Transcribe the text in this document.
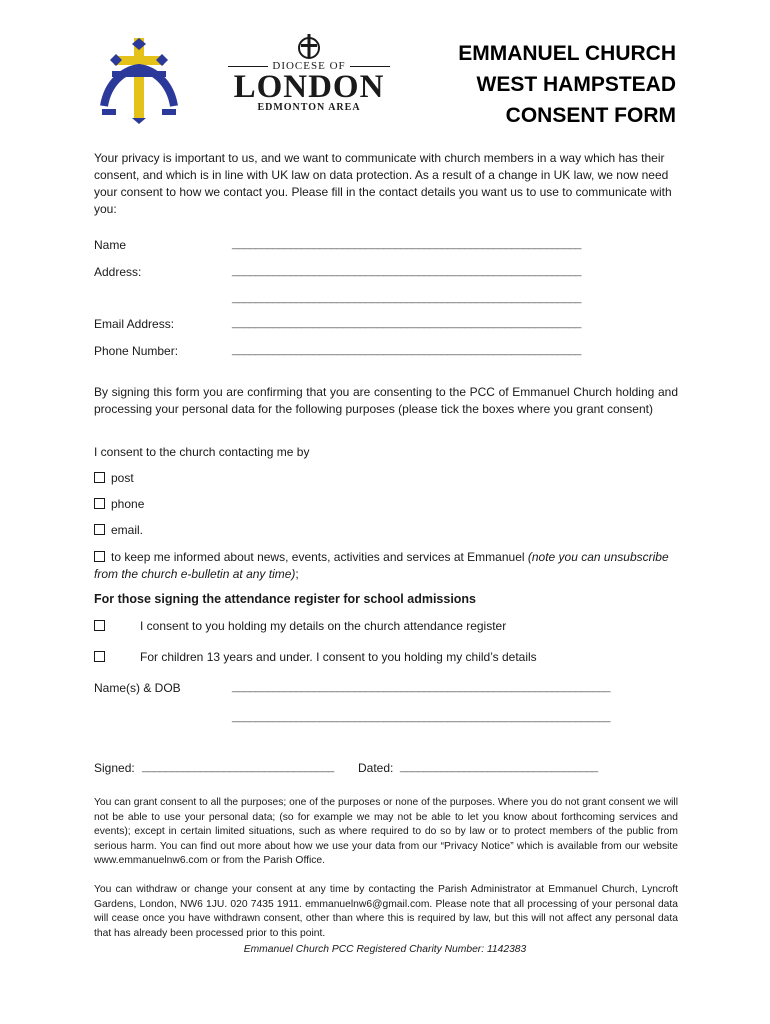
DIOCESE OF
LONDON
EDMONTON AREA
EMMANUEL CHURCH
WEST HAMPSTEAD
CONSENT FORM
Your privacy is important to us, and we want to communicate with church members in a way which has their consent, and which is in line with UK law on data protection. As a result of a change in UK law, we now need your consent to how we contact you. Please fill in the contact details you want us to use to communicate with you:
Name	____________________________________________________________
Address:	____________________________________________________________
____________________________________________________________
Email Address:	____________________________________________________________
Phone Number:	____________________________________________________________
By signing this form you are confirming that you are consenting to the PCC of Emmanuel Church holding and processing your personal data for the following purposes (please tick the boxes where you grant consent)
I consent to the church contacting me by
post
phone
email.
to keep me informed about news, events, activities and services at Emmanuel (note you can unsubscribe from the church e-bulletin at any time);
For those signing the attendance register for school admissions
I consent to you holding my details on the church attendance register
For children 13 years and under. I consent to you holding my child’s details
Name(s) & DOB	_________________________________________________________________
_________________________________________________________________
Signed: _________________________________ Dated: __________________________________
You can grant consent to all the purposes; one of the purposes or none of the purposes. Where you do not grant consent we will not be able to use your personal data; (so for example we may not be able to let you know about forthcoming services and events); except in certain limited situations, such as where required to do so by law or to protect members of the public from serious harm. You can find out more about how we use your data from our “Privacy Notice” which is available from our website www.emmanuelnw6.com or from the Parish Office.
You can withdraw or change your consent at any time by contacting the Parish Administrator at Emmanuel Church, Lyncroft Gardens, London, NW6 1JU. 020 7435 1911. emmanuelnw6@gmail.com. Please note that all processing of your personal data will cease once you have withdrawn consent, other than where this is required by law, but this will not affect any personal data that has already been processed prior to this point.
Emmanuel Church PCC Registered Charity Number: 1142383
